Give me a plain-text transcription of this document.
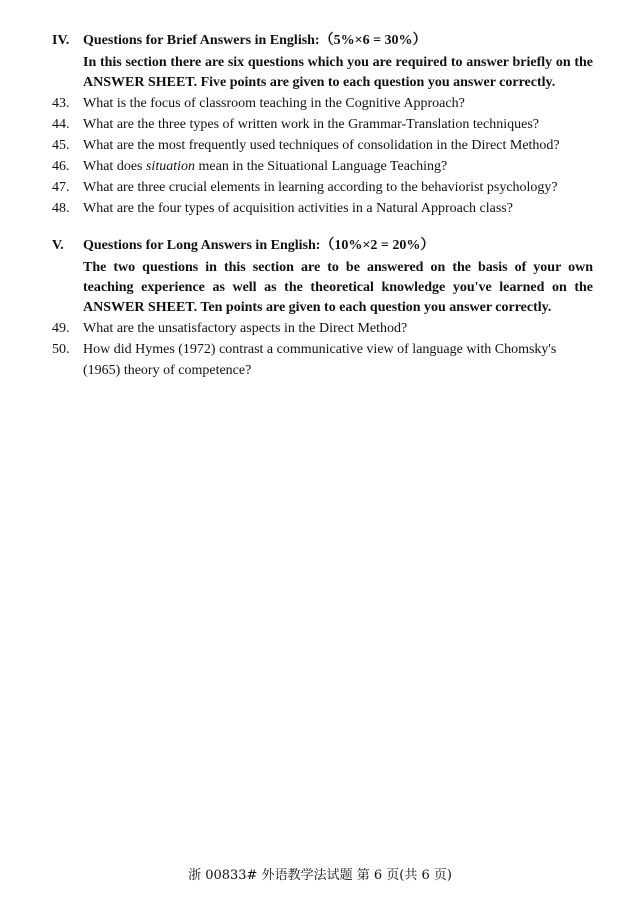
IV. Questions for Brief Answers in English:（5%×6 = 30%）
In this section there are six questions which you are required to answer briefly on the ANSWER SHEET. Five points are given to each question you answer correctly.
43. What is the focus of classroom teaching in the Cognitive Approach?
44. What are the three types of written work in the Grammar-Translation techniques?
45. What are the most frequently used techniques of consolidation in the Direct Method?
46. What does situation mean in the Situational Language Teaching?
47. What are three crucial elements in learning according to the behaviorist psychology?
48. What are the four types of acquisition activities in a Natural Approach class?
V. Questions for Long Answers in English:（10%×2 = 20%）
The two questions in this section are to be answered on the basis of your own teaching experience as well as the theoretical knowledge you've learned on the ANSWER SHEET. Ten points are given to each question you answer correctly.
49. What are the unsatisfactory aspects in the Direct Method?
50. How did Hymes (1972) contrast a communicative view of language with Chomsky's (1965) theory of competence?
浙 00833# 外语教学法试题 第 6 页(共 6 页)
